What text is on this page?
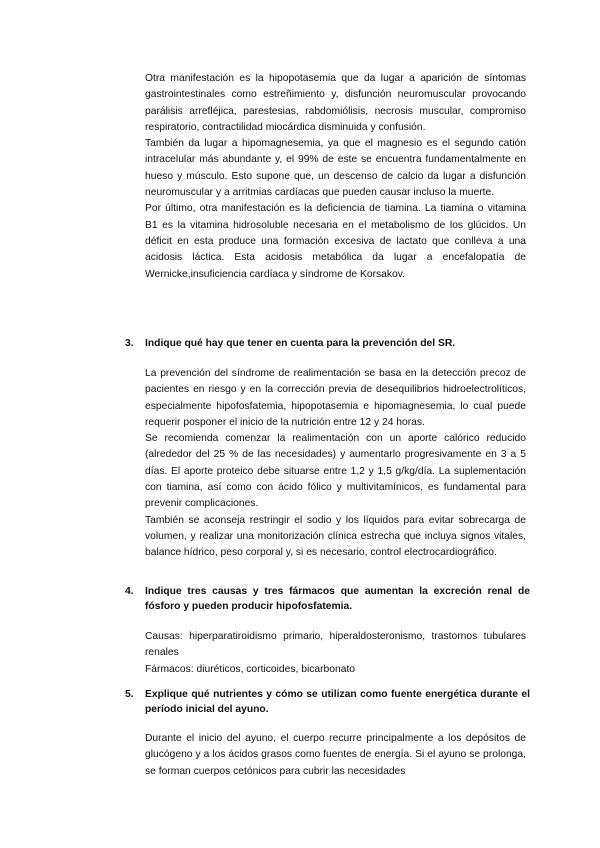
Otra manifestación es la hipopotasemia que da lugar a aparición de síntomas gastrointestinales como estreñimiento y, disfunción neuromuscular provocando parálisis arrefléjica, parestesias, rabdomiólisis, necrosis muscular, compromiso respiratorio, contractilidad miocárdica disminuida y confusión.

También da lugar a hipomagnesemia, ya que el magnesio es el segundo catión intracelular más abundante y, el 99% de este se encuentra fundamentalmente en hueso y músculo. Esto supone que, un descenso de calcio da lugar a disfunción neuromuscular y a arritmias cardíacas que pueden causar incluso la muerte.

Por último, otra manifestación es la deficiencia de tiamina. La tiamina o vitamina B1 es la vitamina hidrosoluble necesaria en el metabolismo de los glúcidos. Un déficit en esta produce una formación excesiva de lactato que conlleva a una acidosis láctica. Esta acidosis metabólica da lugar a encefalopatía de Wernicke,insuficiencia cardíaca y síndrome de Korsakov.

3.	Indique qué hay que tener en cuenta para la prevención del SR.

La prevención del síndrome de realimentación se basa en la detección precoz de pacientes en riesgo y en la corrección previa de desequilibrios hidroelectrolíticos, especialmente hipofosfatemia, hipopotasemia e hipomagnesemia, lo cual puede requerir posponer el inicio de la nutrición entre 12 y 24 horas.

Se recomienda comenzar la realimentación con un aporte calórico reducido (alrededor del 25 % de las necesidades) y aumentarlo progresivamente en 3 a 5 días. El aporte proteico debe situarse entre 1,2 y 1,5 g/kg/día. La suplementación con tiamina, así como con ácido fólico y multivitamínicos, es fundamental para prevenir complicaciones.

También se aconseja restringir el sodio y los líquidos para evitar sobrecarga de volumen, y realizar una monitorización clínica estrecha que incluya signos vitales, balance hídrico, peso corporal y, si es necesario, control electrocardiográfico.

4.	Indique tres causas y tres fármacos que aumentan la excreción renal de fósforo y pueden producir hipofosfatemia.

Causas: hiperparatiroidismo primario, hiperaldosteronismo, trastornos tubulares renales

Fármacos: diuréticos, corticoides, bicarbonato

5.	Explique qué nutrientes y cómo se utilizan como fuente energética durante el período inicial del ayuno.

Durante el inicio del ayuno, el cuerpo recurre principalmente a los depósitos de glucógeno y a los ácidos grasos como fuentes de energía. Si el ayuno se prolonga, se forman cuerpos cetónicos para cubrir las necesidades
